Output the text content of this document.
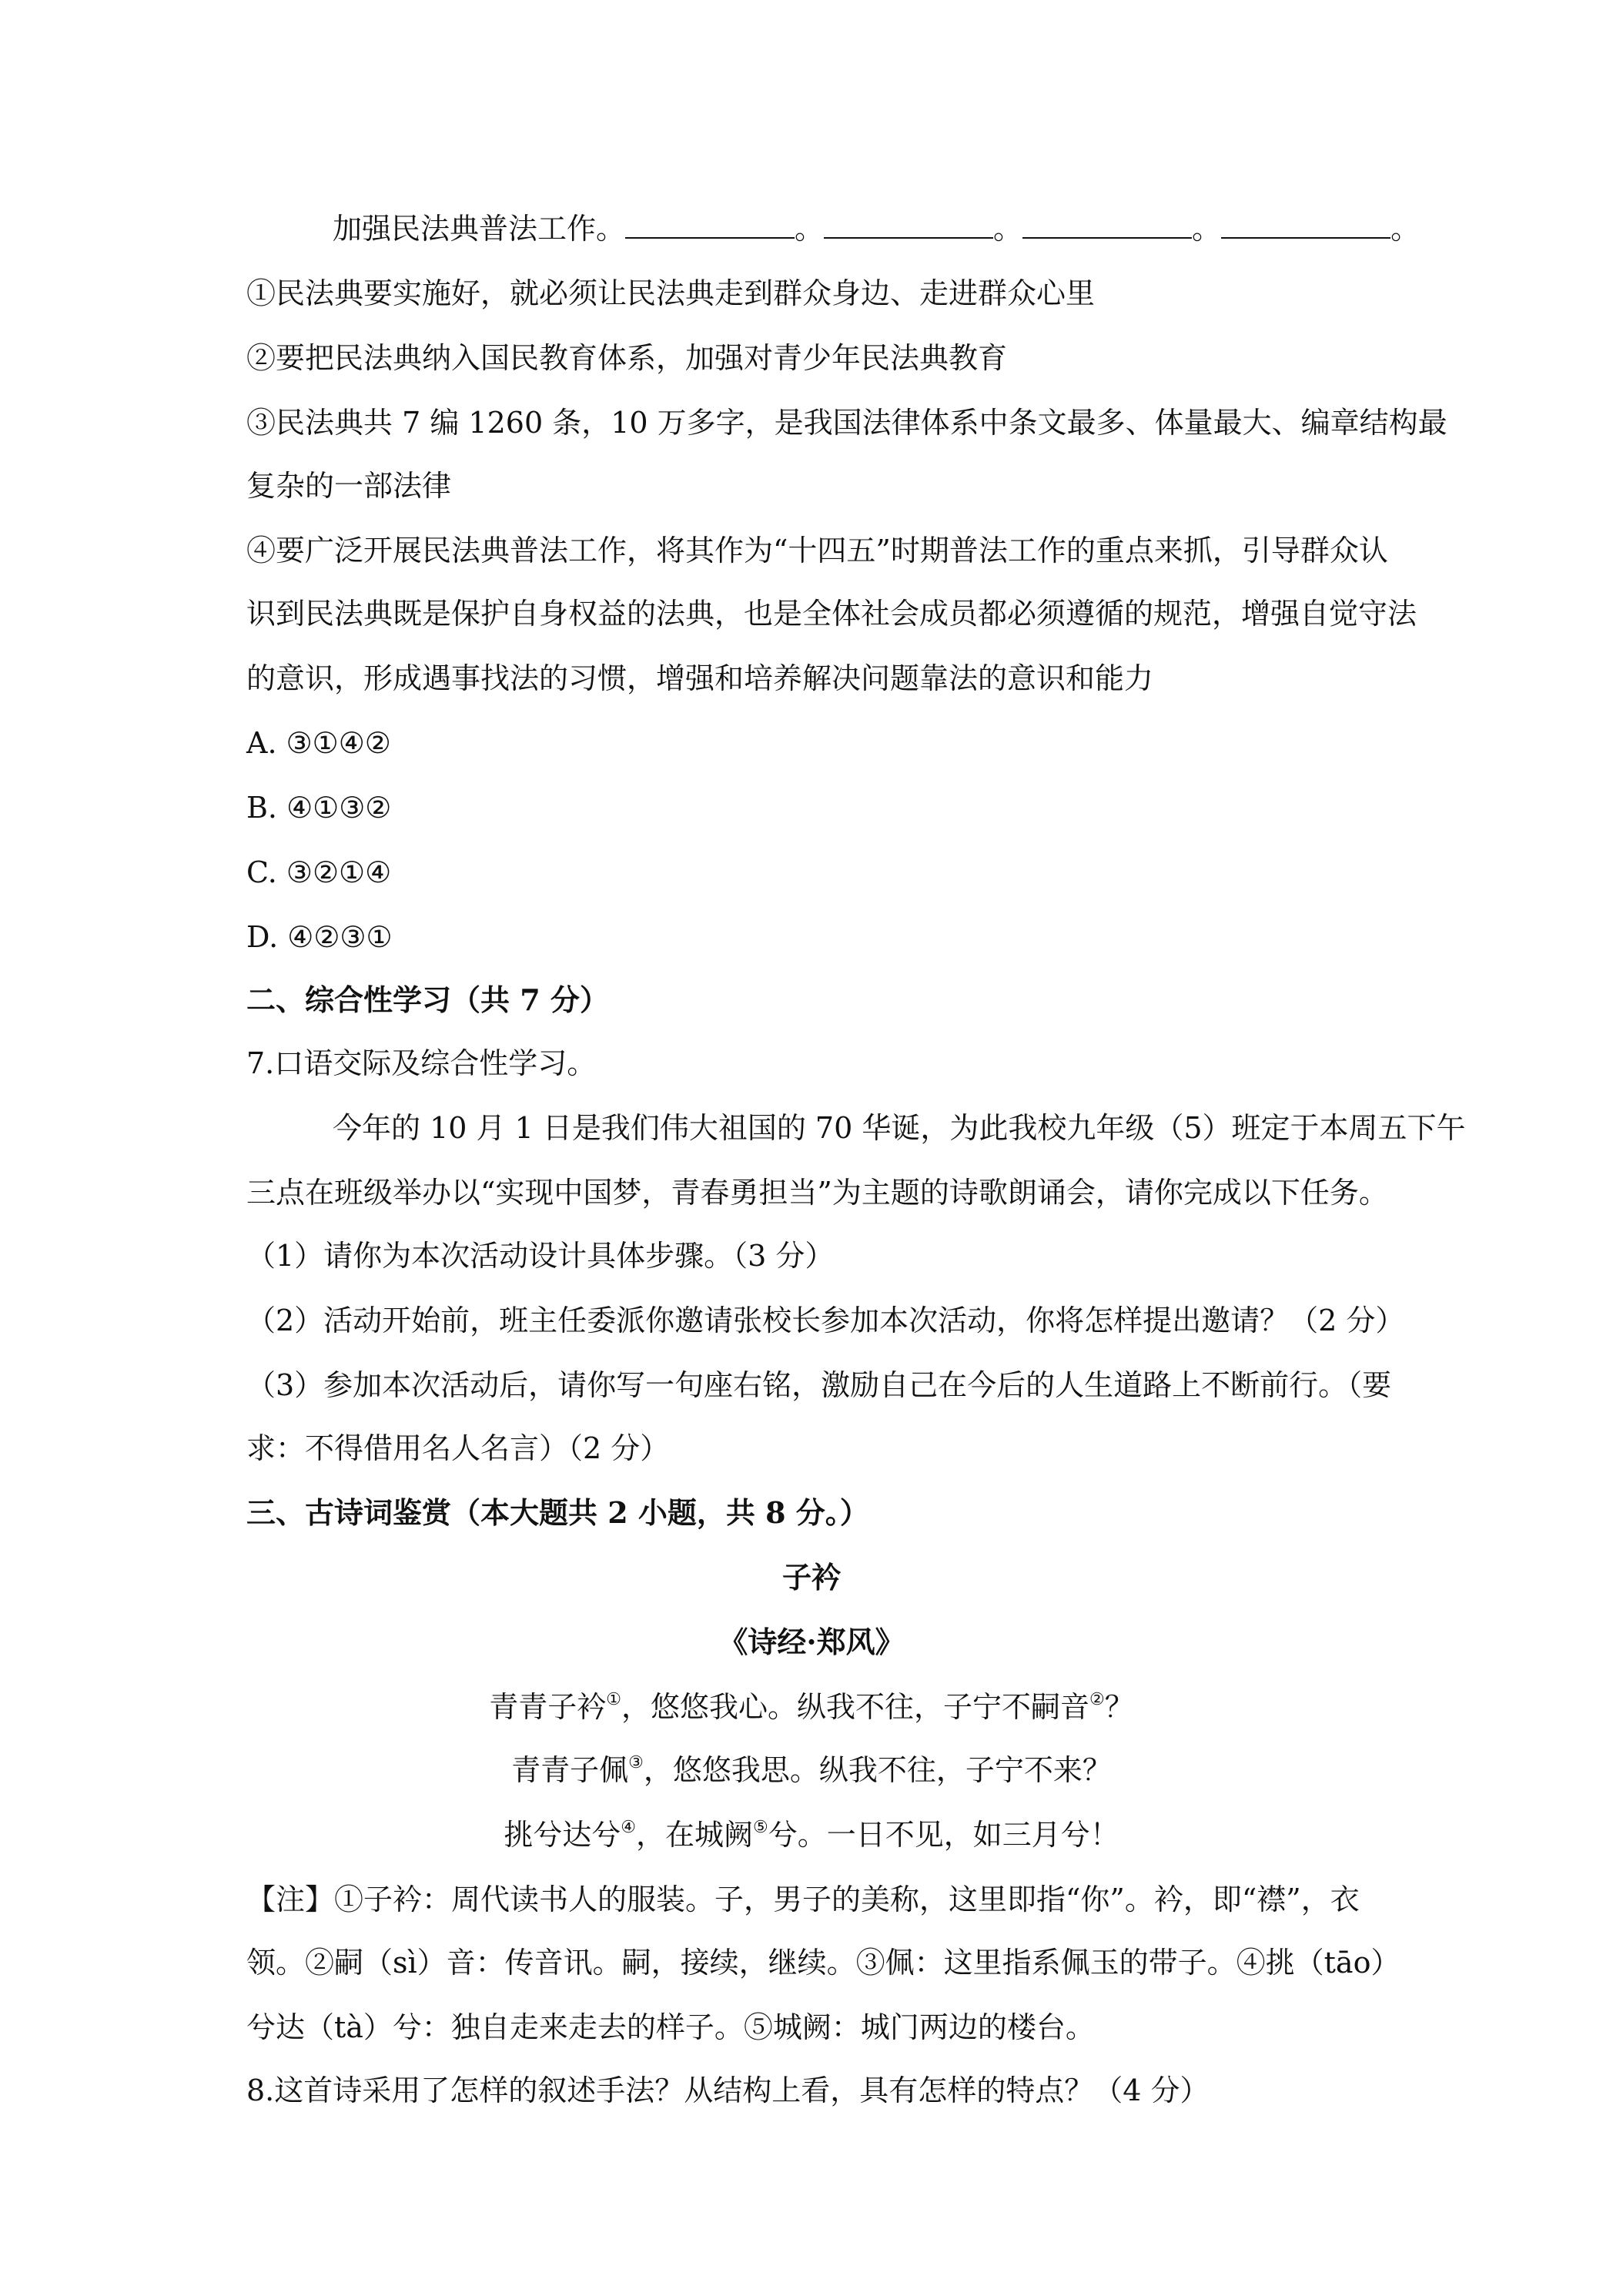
加强民法典普法工作。	。	。	。	。
①民法典要实施好，就必须让民法典走到群众身边、走进群众心里
②要把民法典纳入国民教育体系，加强对青少年民法典教育
③民法典共 7 编 1260 条，10 万多字，是我国法律体系中条文最多、体量最大、编章结构最
复杂的一部法律
④要广泛开展民法典普法工作，将其作为“十四五”时期普法工作的重点来抓，引导群众认
识到民法典既是保护自身权益的法典，也是全体社会成员都必须遵循的规范，增强自觉守法
的意识，形成遇事找法的习惯，增强和培养解决问题靠法的意识和能力
A. ③①④②
B. ④①③②
C. ③②①④
D. ④②③①
二、综合性学习（共 7 分）
7.口语交际及综合性学习。
今年的 10 月 1 日是我们伟大祖国的 70 华诞，为此我校九年级（5）班定于本周五下午
三点在班级举办以“实现中国梦，青春勇担当”为主题的诗歌朗诵会，请你完成以下任务。
（1）请你为本次活动设计具体步骤。（3 分）
（2）活动开始前，班主任委派你邀请张校长参加本次活动，你将怎样提出邀请？（2 分）
（3）参加本次活动后，请你写一句座右铭，激励自己在今后的人生道路上不断前行。（要
求：不得借用名人名言）（2 分）
三、古诗词鉴赏（本大题共 2 小题，共 8 分。）
子衿
《诗经·郑风》
青青子衿①，悠悠我心。纵我不往，子宁不嗣音②？
青青子佩③，悠悠我思。纵我不往，子宁不来？
挑兮达兮④，在城阙⑤兮。一日不见，如三月兮！
【注】①子衿：周代读书人的服装。子，男子的美称，这里即指“你”。衿，即“襟”，衣
领。②嗣（sì）音：传音讯。嗣，接续，继续。③佩：这里指系佩玉的带子。④挑（tāo）
兮达（tà）兮：独自走来走去的样子。⑤城阙：城门两边的楼台。
8.这首诗采用了怎样的叙述手法？从结构上看，具有怎样的特点？（4 分）
